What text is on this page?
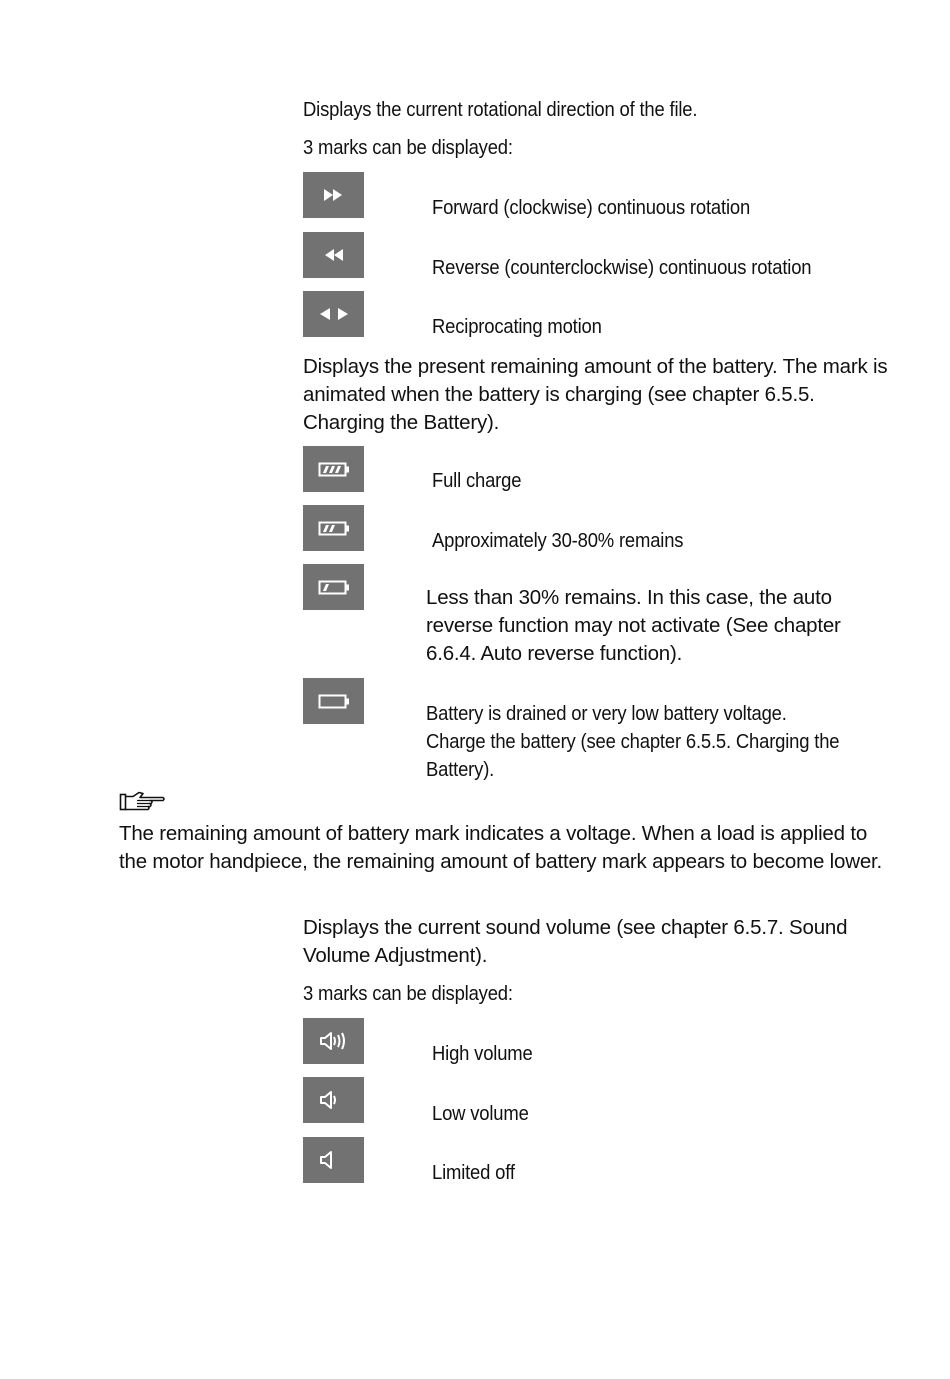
Displays the current rotational direction of the file.
3 marks can be displayed:
Forward (clockwise) continuous rotation
Reverse (counterclockwise) continuous rotation
Reciprocating motion
Displays the present remaining amount of the battery. The mark is
animated when the battery is charging (see chapter 6.5.5.
Charging the Battery).
Full charge
Approximately 30-80% remains
Less than 30% remains. In this case, the auto
reverse function may not activate (See chapter
6.6.4. Auto reverse function).
Battery is drained or very low battery voltage.
Charge the battery (see chapter 6.5.5. Charging the
Battery).
The remaining amount of battery mark indicates a voltage. When a load is applied to
the motor handpiece, the remaining amount of battery mark appears to become lower.
Displays the current sound volume (see chapter 6.5.7. Sound
Volume Adjustment).
3 marks can be displayed:
High volume
Low volume
Limited off
